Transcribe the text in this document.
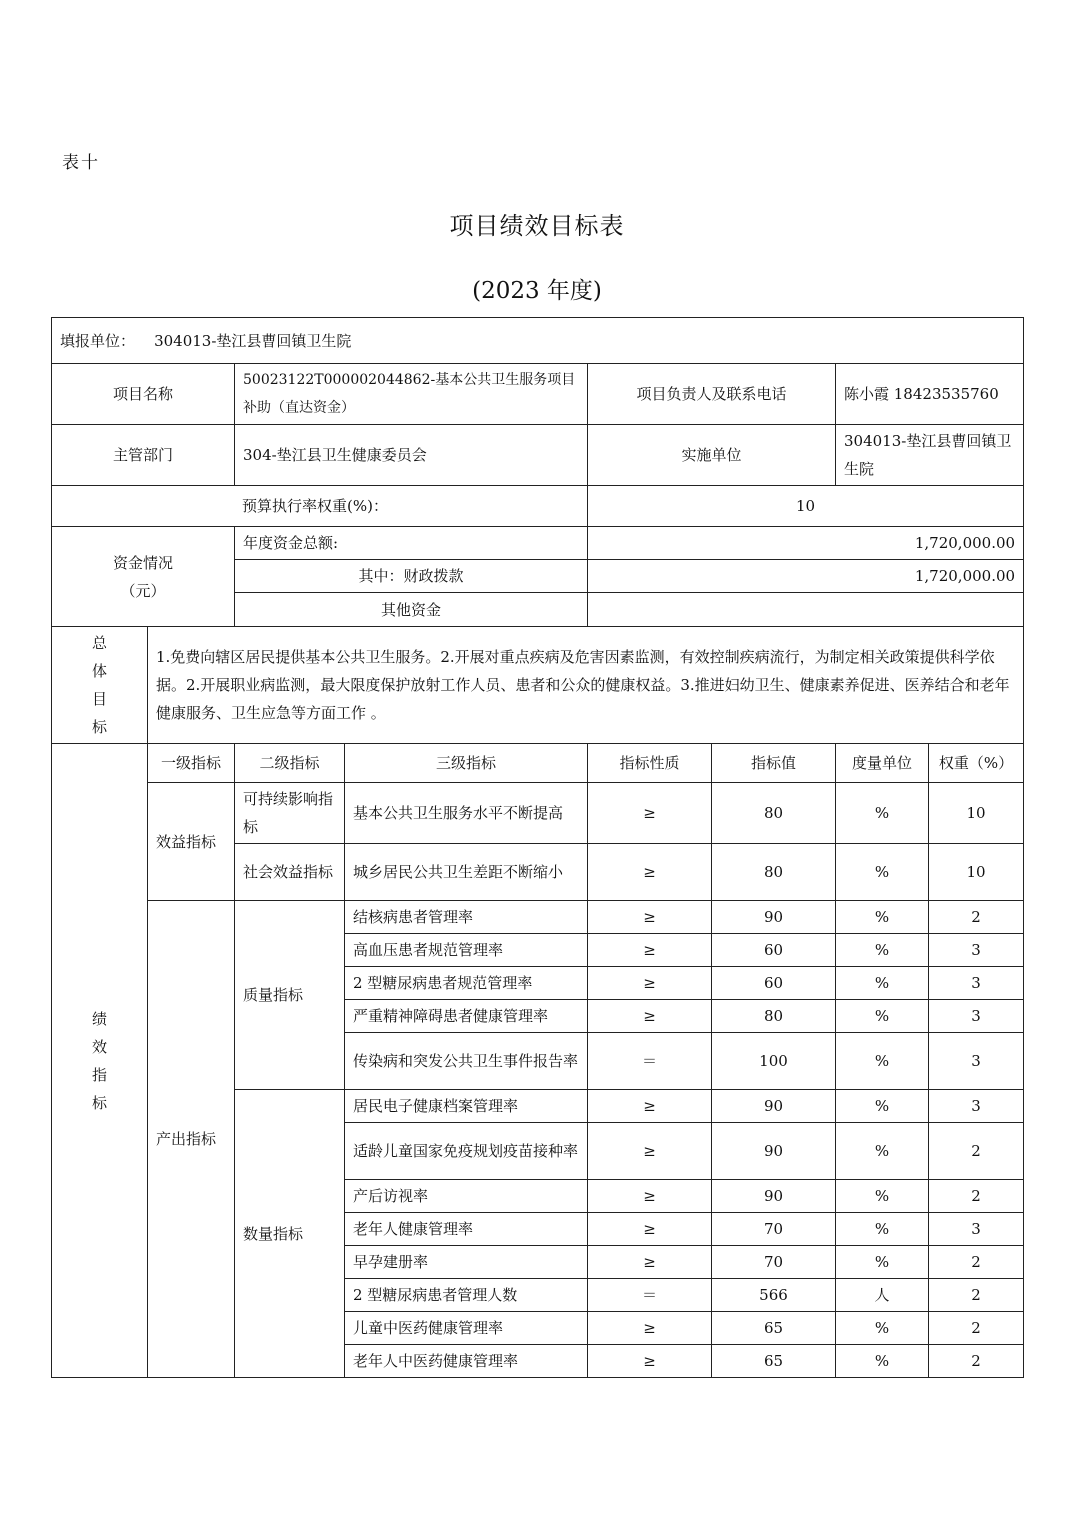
表十
项目绩效目标表
(2023 年度)
填报单位： 304013-垫江县曹回镇卫生院							
项目名称		50023122T000002044862-基本公共卫生服务项目补助（直达资金）		项目负责人及联系电话		陈小霞 18423535760	
主管部门		304-垫江县卫生健康委员会		实施单位		304013-垫江县曹回镇卫生院	
预算执行率权重(%)：				10			

资金情况
（元）		年度资金总额:		1,720,000.00			
		其中：财政拨款		1,720,000.00			
		其他资金					

总
体
目
标	1.免费向辖区居民提供基本公共卫生服务。2.开展对重点疾病及危害因素监测，有效控制疾病流行，为制定相关政策提供科学依据。2.开展职业病监测，最大限度保护放射工作人员、患者和公众的健康权益。3.推进妇幼卫生、健康素养促进、医养结合和老年健康服务、卫生应急等方面工作 。						

绩
效
指
标	一级指标	二级指标	三级指标	指标性质	指标值	度量单位	权重（%）
	效益指标	可持续影响指标	基本公共卫生服务水平不断提高	≥	80	%	10
		社会效益指标	城乡居民公共卫生差距不断缩小	≥	80	%	10
	产出指标	质量指标	结核病患者管理率	≥	90	%	2
			高血压患者规范管理率	≥	60	%	3
			2 型糖尿病患者规范管理率	≥	60	%	3
			严重精神障碍患者健康管理率	≥	80	%	3
			传染病和突发公共卫生事件报告率	＝	100	%	3
		数量指标	居民电子健康档案管理率	≥	90	%	3
			适龄儿童国家免疫规划疫苗接种率	≥	90	%	2
			产后访视率	≥	90	%	2
			老年人健康管理率	≥	70	%	3
			早孕建册率	≥	70	%	2
			2 型糖尿病患者管理人数	＝	566	人	2
			儿童中医药健康管理率	≥	65	%	2
			老年人中医药健康管理率	≥	65	%	2
